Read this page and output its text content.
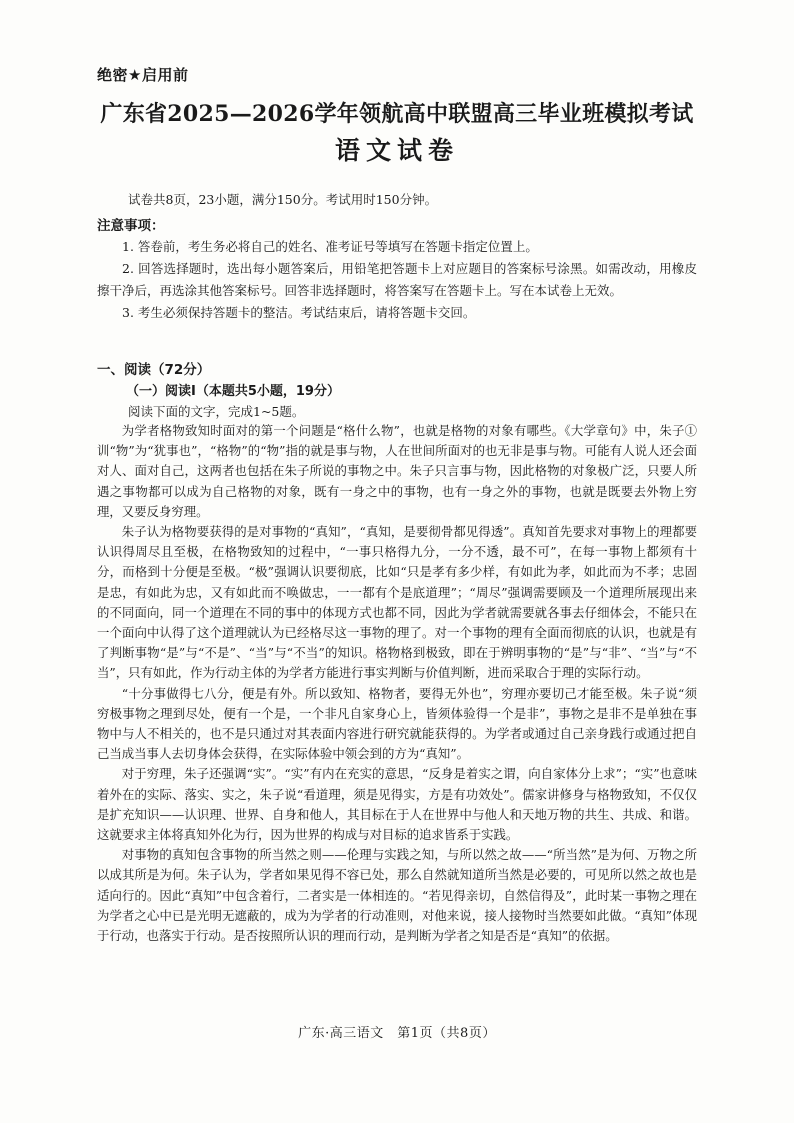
绝密★启用前
广东省2025—2026学年领航高中联盟高三毕业班模拟考试
语文试卷
试卷共8页，23小题，满分150分。考试用时150分钟。
注意事项：

1. 答卷前，考生务必将自己的姓名、准考证号等填写在答题卡指定位置上。

2. 回答选择题时，选出每小题答案后，用铅笔把答题卡上对应题目的答案标号涂黑。如需改动，用橡皮擦干净后，再选涂其他答案标号。回答非选择题时，将答案写在答题卡上。写在本试卷上无效。

3. 考生必须保持答题卡的整洁。考试结束后，请将答题卡交回。

一、阅读（72分）
（一）阅读Ⅰ（本题共5小题，19分）
阅读下面的文字，完成1~5题。

为学者格物致知时面对的第一个问题是“格什么物”，也就是格物的对象有哪些。《大学章句》中，朱子①训“物”为“犹事也”，“格物”的“物”指的就是事与物，人在世间所面对的也无非是事与物。可能有人说人还会面对人、面对自己，这两者也包括在朱子所说的事物之中。朱子只言事与物，因此格物的对象极广泛，只要人所遇之事物都可以成为自己格物的对象，既有一身之中的事物，也有一身之外的事物，也就是既要去外物上穷理，又要反身穷理。

朱子认为格物要获得的是对事物的“真知”，“真知，是要彻骨都见得透”。真知首先要求对事物上的理都要认识得周尽且至极，在格物致知的过程中，“一事只格得九分，一分不透，最不可”，在每一事物上都须有十分，而格到十分便是至极。“极”强调认识要彻底，比如“只是孝有多少样，有如此为孝，如此而为不孝；忠固是忠，有如此为忠，又有如此而不唤做忠，一一都有个是底道理”；“周尽”强调需要顾及一个道理所展现出来的不同面向，同一个道理在不同的事中的体现方式也都不同，因此为学者就需要就各事去仔细体会，不能只在一个面向中认得了这个道理就认为已经格尽这一事物的理了。对一个事物的理有全面而彻底的认识，也就是有了判断事物“是”与“不是”、“当”与“不当”的知识。格物格到极致，即在于辨明事物的“是”与“非”、“当”与“不当”，只有如此，作为行动主体的为学者方能进行事实判断与价值判断，进而采取合于理的实际行动。

“十分事做得七八分，便是有外。所以致知、格物者，要得无外也”，穷理亦要切己才能至极。朱子说“须穷极事物之理到尽处，便有一个是，一个非凡自家身心上，皆须体验得一个是非”，事物之是非不是单独在事物中与人不相关的，也不是只通过对其表面内容进行研究就能获得的。为学者或通过自己亲身践行或通过把自己当成当事人去切身体会获得，在实际体验中领会到的方为“真知”。

对于穷理，朱子还强调“实”。“实”有内在充实的意思，“反身是着实之谓，向自家体分上求”；“实”也意味着外在的实际、落实、实之，朱子说“看道理，须是见得实，方是有功效处”。儒家讲修身与格物致知，不仅仅是扩充知识——认识理、世界、自身和他人，其目标在于人在世界中与他人和天地万物的共生、共成、和谐。这就要求主体将真知外化为行，因为世界的构成与对目标的追求皆系于实践。

对事物的真知包含事物的所当然之则——伦理与实践之知，与所以然之故——“所当然”是为何、万物之所以成其所是为何。朱子认为，学者如果见得不容已处，那么自然就知道所当然是必要的，可见所以然之故也是适向行的。因此“真知”中包含着行，二者实是一体相连的。“若见得亲切，自然信得及”，此时某一事物之理在为学者之心中已是光明无遮蔽的，成为为学者的行动准则，对他来说，接人接物时当然要如此做。“真知”体现于行动，也落实于行动。是否按照所认识的理而行动，是判断为学者之知是否是“真知”的依据。

广东·高三语文　第1页（共8页）
